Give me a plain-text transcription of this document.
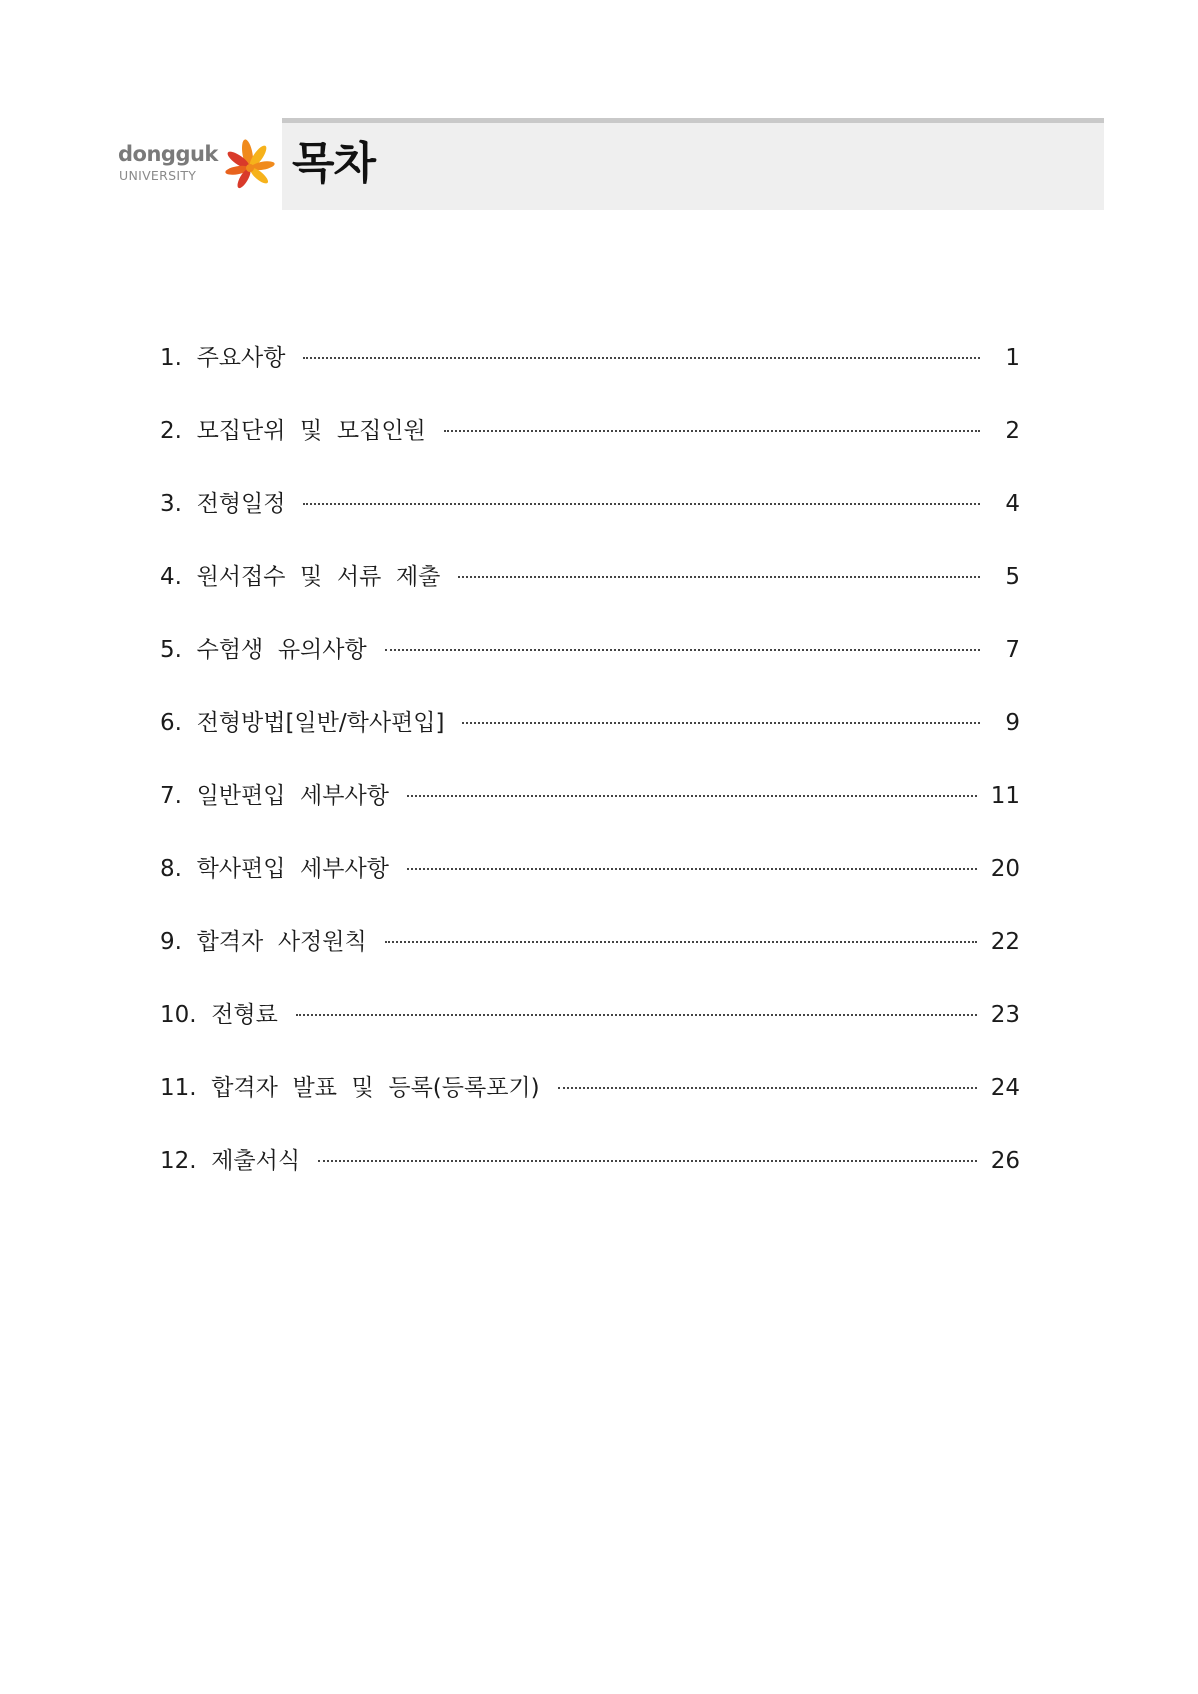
dongguk
UNIVERSITY 목차
1.  주요사항	1
2.  모집단위  및  모집인원	2
3.  전형일정	4
4.  원서접수  및  서류  제출	5
5.  수험생  유의사항	7
6.  전형방법[일반/학사편입]	9
7.  일반편입  세부사항	11
8.  학사편입  세부사항	20
9.  합격자  사정원칙	22
10.  전형료	23
11.  합격자  발표  및  등록(등록포기)	24
12.  제출서식	26
